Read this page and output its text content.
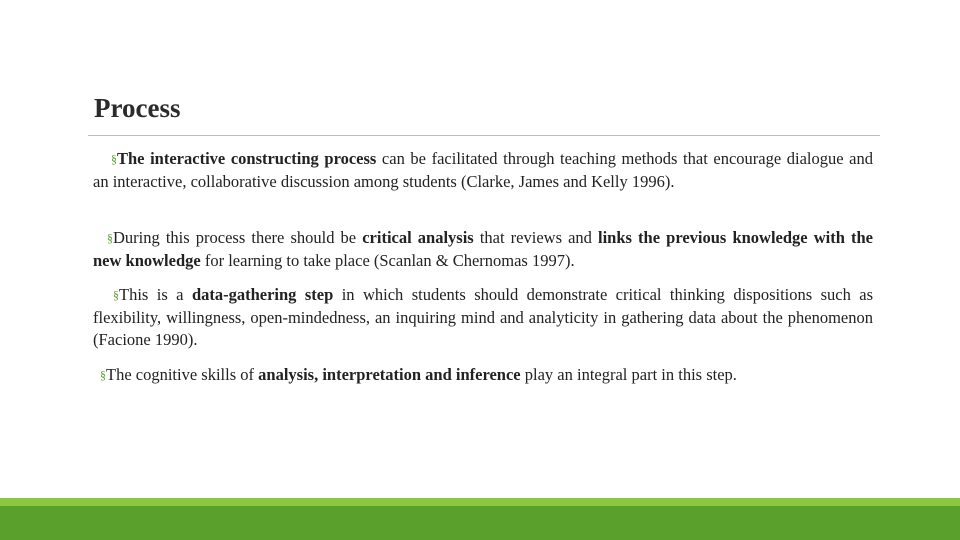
Process

§ The interactive constructing process can be facilitated through teaching methods that encourage dialogue and an interactive, collaborative discussion among students (Clarke, James and Kelly 1996).

§ During this process there should be critical analysis that reviews and links the previous knowledge with the new knowledge for learning to take place (Scanlan & Chernomas 1997).

§ This is a data-gathering step in which students should demonstrate critical thinking dispositions such as flexibility, willingness, open-mindedness, an inquiring mind and analyticity in gathering data about the phenomenon (Facione 1990).

§ The cognitive skills of analysis, interpretation and inference play an integral part in this step.
